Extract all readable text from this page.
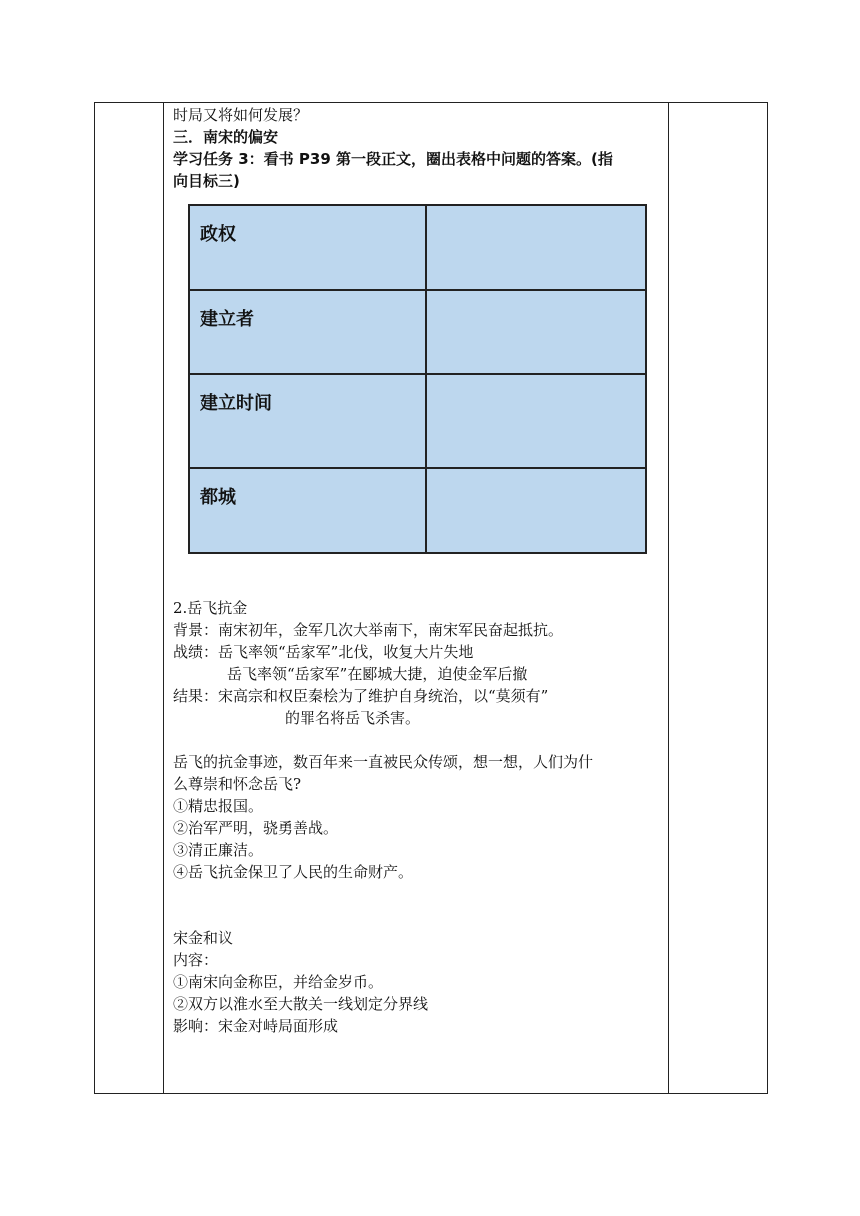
时局又将如何发展？
三．南宋的偏安
学习任务 3：看书 P39 第一段正文，圈出表格中问题的答案。(指
向目标三)
政权	
建立者	
建立时间	
都城	
2.岳飞抗金
背景：南宋初年，金军几次大举南下，南宋军民奋起抵抗。
战绩：岳飞率领“岳家军”北伐，收复大片失地
岳飞率领“岳家军”在郾城大捷，迫使金军后撤
结果：宋高宗和权臣秦桧为了维护自身统治，以“莫须有”
的罪名将岳飞杀害。
岳飞的抗金事迹，数百年来一直被民众传颂，想一想，人们为什
么尊崇和怀念岳飞?
①精忠报国。
②治军严明，骁勇善战。
③清正廉洁。
④岳飞抗金保卫了人民的生命财产。
宋金和议
内容：
①南宋向金称臣，并给金岁币。
②双方以淮水至大散关一线划定分界线
影响：宋金对峙局面形成
